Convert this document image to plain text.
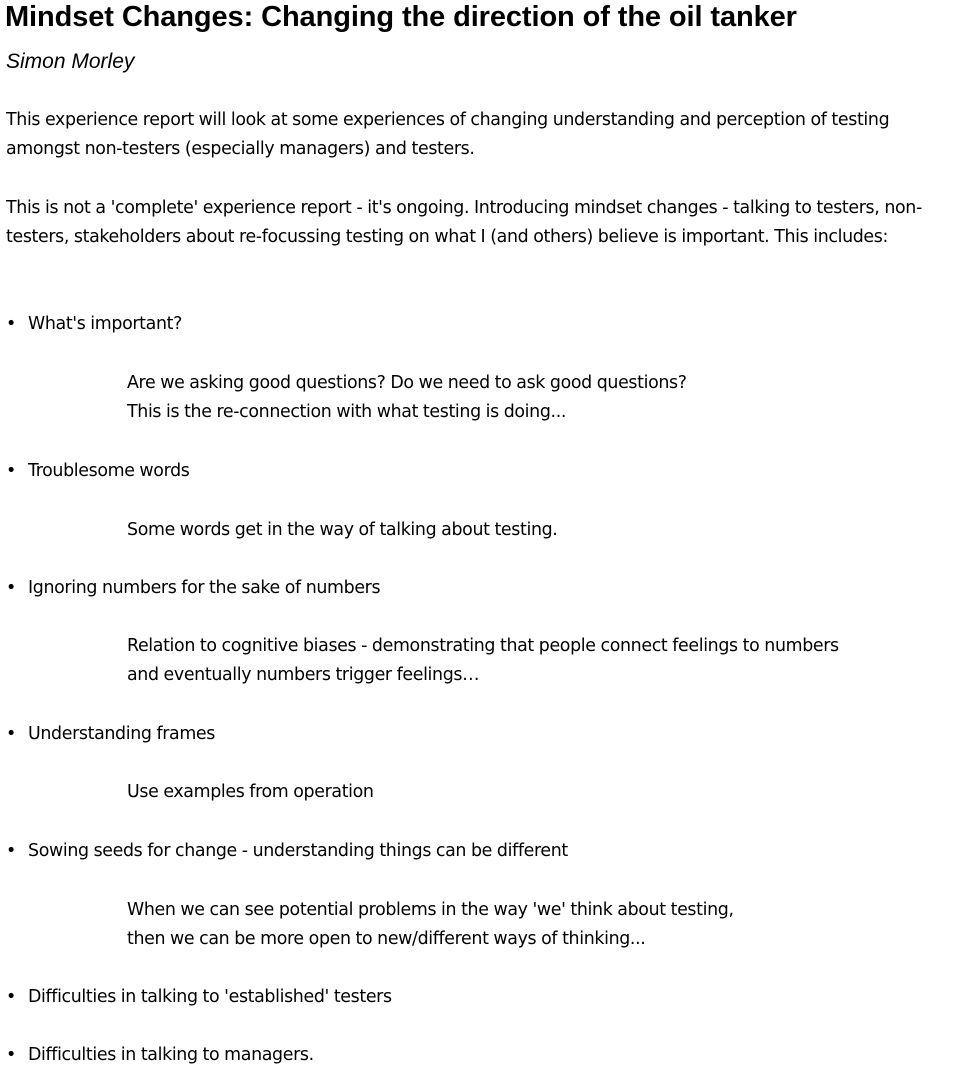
Mindset Changes: Changing the direction of the oil tanker
Simon Morley

This experience report will look at some experiences of changing understanding and perception of testing amongst non-testers (especially managers) and testers.

This is not a 'complete' experience report - it's ongoing. Introducing mindset changes - talking to testers, non-testers, stakeholders about re-focussing testing on what I (and others) believe is important. This includes:

• What's important?
Are we asking good questions? Do we need to ask good questions?
This is the re-connection with what testing is doing...
• Troublesome words
Some words get in the way of talking about testing.
• Ignoring numbers for the sake of numbers
Relation to cognitive biases - demonstrating that people connect feelings to numbers
and eventually numbers trigger feelings…
• Understanding frames
Use examples from operation
• Sowing seeds for change - understanding things can be different
When we can see potential problems in the way 'we' think about testing,
then we can be more open to new/different ways of thinking...
• Difficulties in talking to 'established' testers
• Difficulties in talking to managers.
